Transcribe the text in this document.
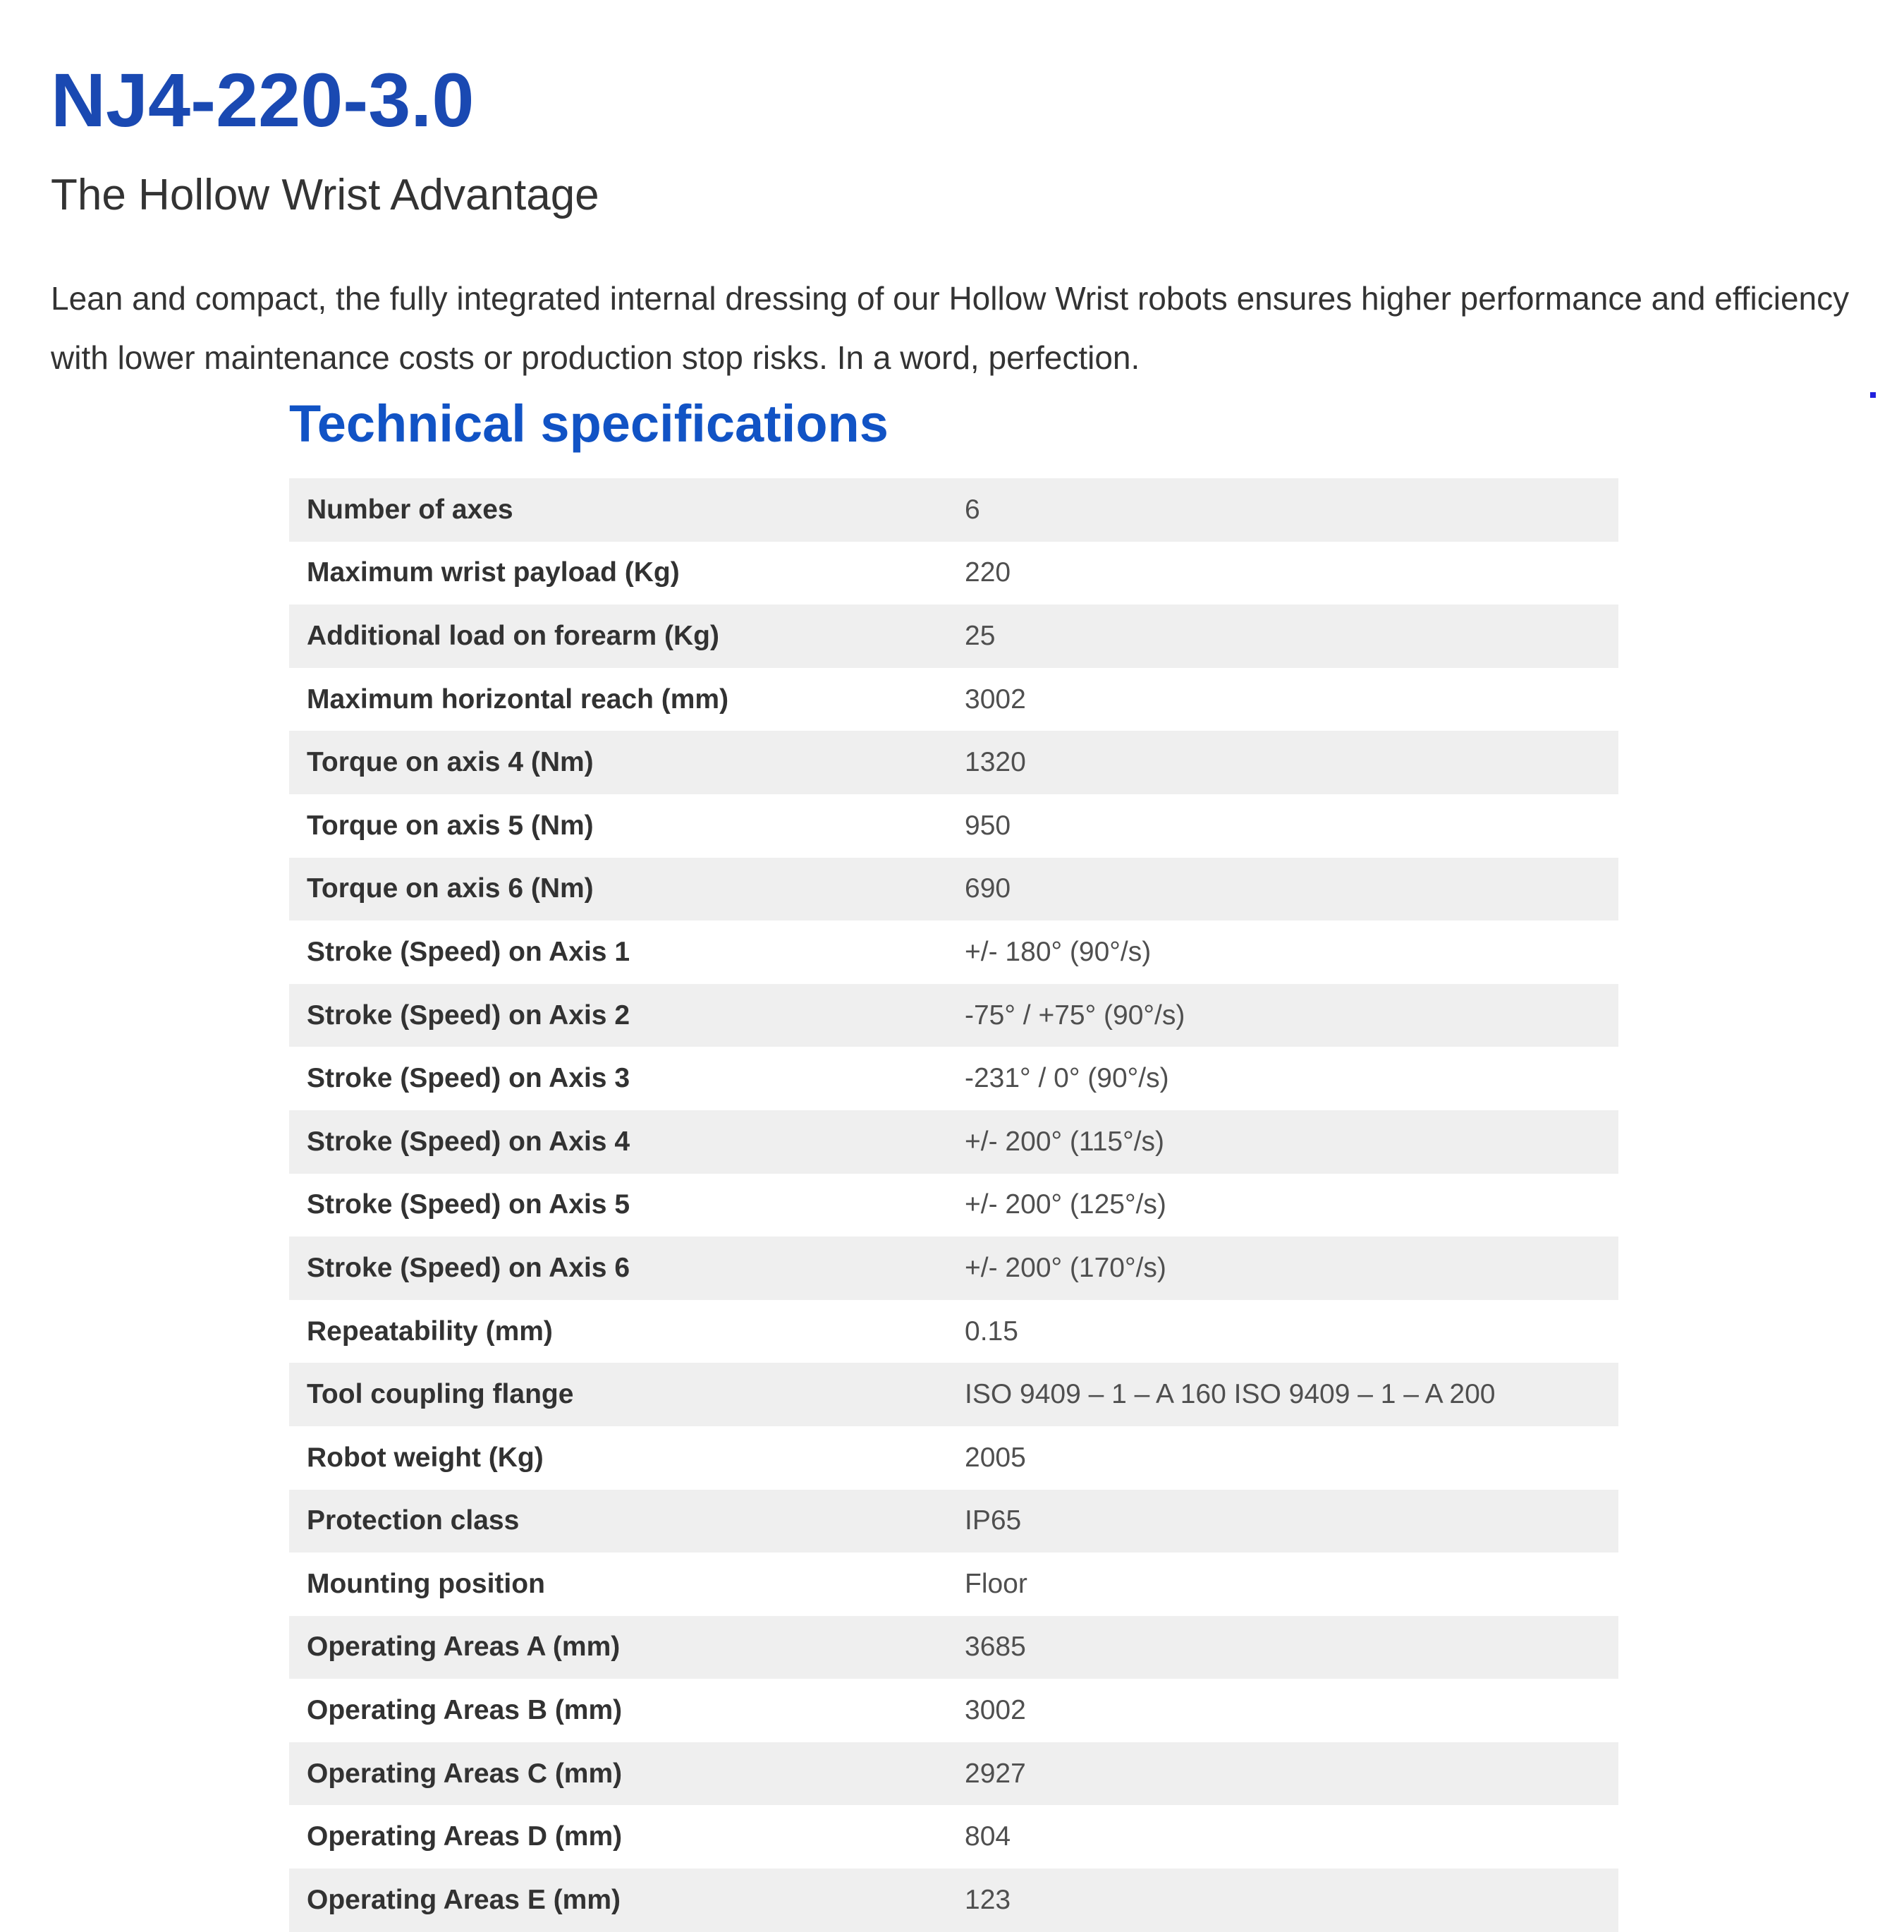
NJ4-220-3.0
The Hollow Wrist Advantage

Lean and compact, the fully integrated internal dressing of our Hollow Wrist robots ensures higher performance and efficiency with lower maintenance costs or production stop risks. In a word, perfection.

Technical specifications
Number of axes	6
Maximum wrist payload (Kg)	220
Additional load on forearm (Kg)	25
Maximum horizontal reach (mm)	3002
Torque on axis 4 (Nm)	1320
Torque on axis 5 (Nm)	950
Torque on axis 6 (Nm)	690
Stroke (Speed) on Axis 1	+/- 180° (90°/s)
Stroke (Speed) on Axis 2	-75° / +75° (90°/s)
Stroke (Speed) on Axis 3	-231° / 0° (90°/s)
Stroke (Speed) on Axis 4	+/- 200° (115°/s)
Stroke (Speed) on Axis 5	+/- 200° (125°/s)
Stroke (Speed) on Axis 6	+/- 200° (170°/s)
Repeatability (mm)	0.15
Tool coupling flange	ISO 9409 – 1 – A 160 ISO 9409 – 1 – A 200
Robot weight (Kg)	2005
Protection class	IP65
Mounting position	Floor
Operating Areas A (mm)	3685
Operating Areas B (mm)	3002
Operating Areas C (mm)	2927
Operating Areas D (mm)	804
Operating Areas E (mm)	123
